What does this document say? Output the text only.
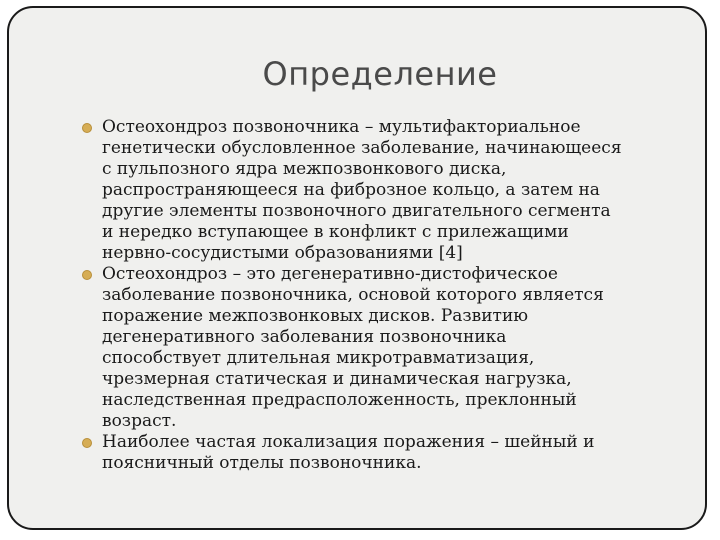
Определение
Остеохондроз позвоночника – мультифакториальное
генетически обусловленное заболевание, начинающееся
с пульпозного ядра межпозвонкового диска,
распространяющееся на фиброзное кольцо, а затем на
другие элементы позвоночного двигательного сегмента
и нередко вступающее в конфликт с прилежащими
нервно-сосудистыми образованиями [4]
Остеохондроз – это дегенеративно-дистофическое
заболевание позвоночника, основой которого является
поражение межпозвонковых дисков. Развитию
дегенеративного заболевания позвоночника
способствует длительная микротравматизация,
чрезмерная статическая и динамическая нагрузка,
наследственная предрасположенность, преклонный
возраст.
Наиболее частая локализация поражения – шейный и
поясничный отделы позвоночника.
